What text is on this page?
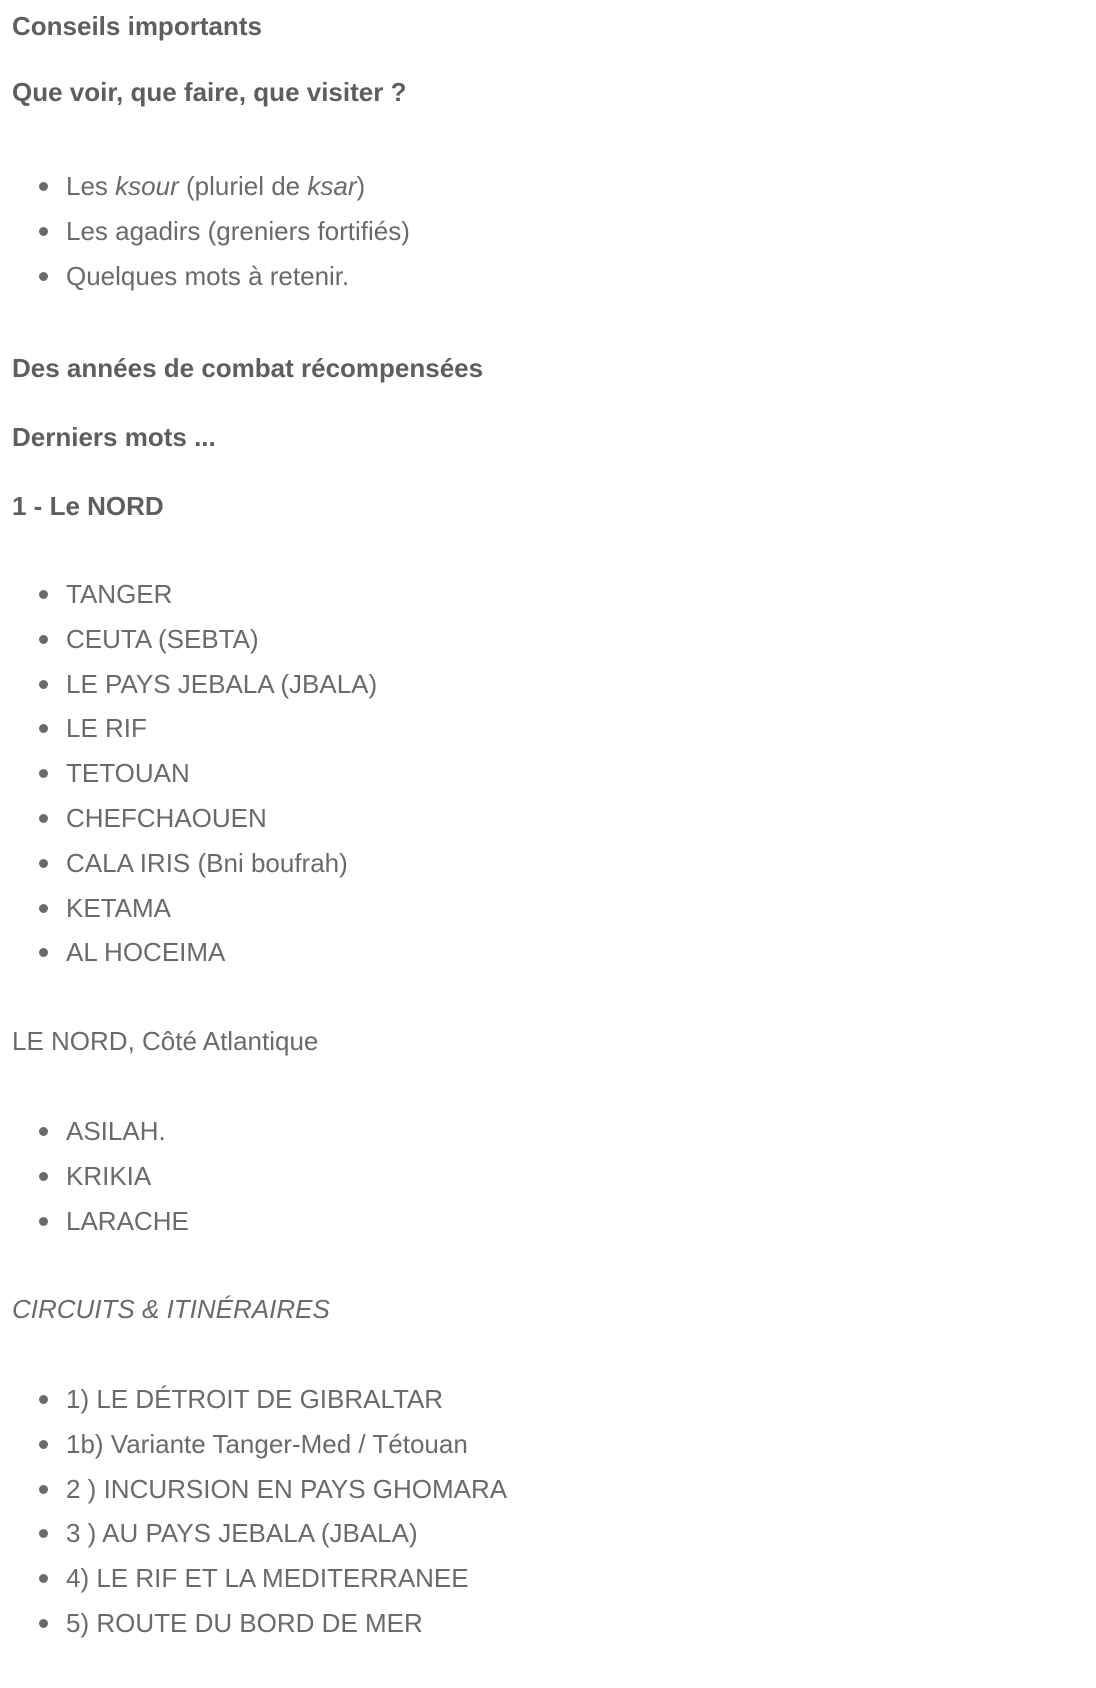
Conseils importants
Que voir, que faire, que visiter ?
Les ksour (pluriel de ksar)
Les agadirs (greniers fortifiés)
Quelques mots à retenir.
Des années de combat récompensées
Derniers mots ...
1 - Le NORD
TANGER
CEUTA (SEBTA)
LE PAYS JEBALA (JBALA)
LE RIF
TETOUAN
CHEFCHAOUEN
CALA IRIS (Bni boufrah)
KETAMA
AL HOCEIMA
LE NORD, Côté Atlantique
ASILAH.
KRIKIA
LARACHE
CIRCUITS & ITINÉRAIRES
1) LE DÉTROIT DE GIBRALTAR
1b) Variante Tanger-Med / Tétouan
2 ) INCURSION EN PAYS GHOMARA
3 ) AU PAYS JEBALA (JBALA)
4) LE RIF ET LA MEDITERRANEE
5) ROUTE DU BORD DE MER
